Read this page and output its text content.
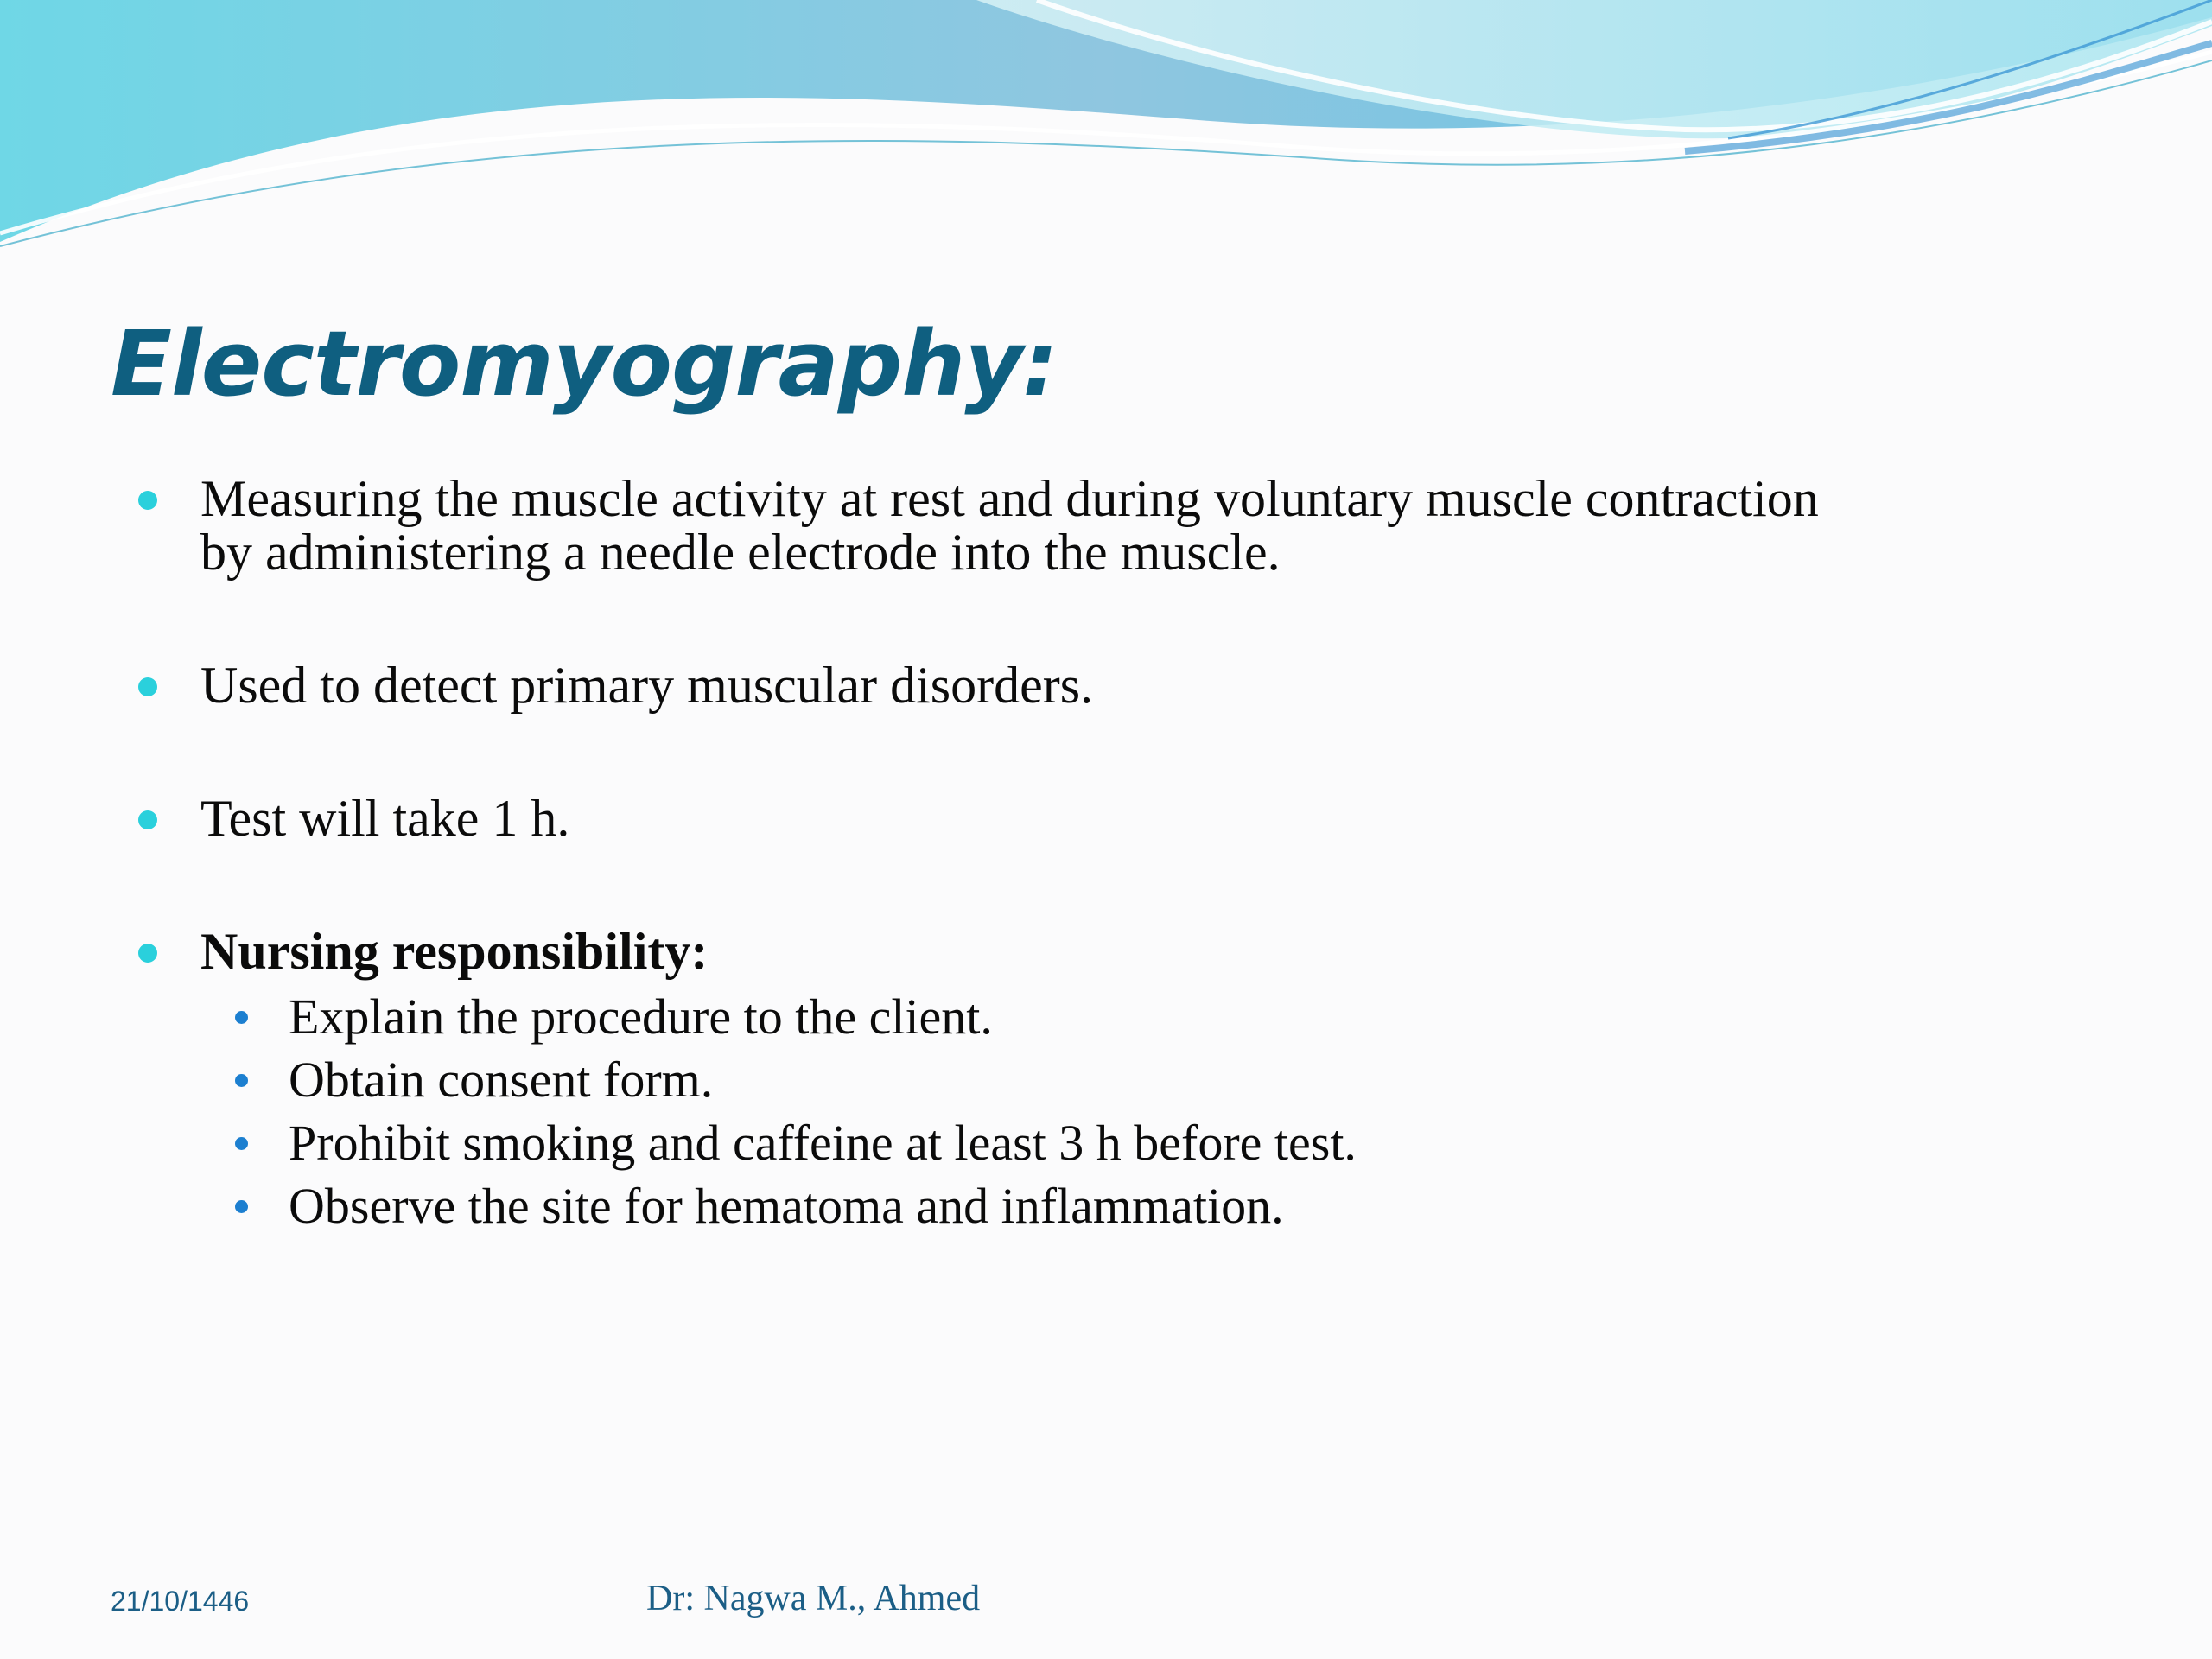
Electromyography:
Measuring the muscle activity at rest and during voluntary muscle contraction
by administering a needle electrode into the muscle.
Used to detect primary muscular disorders.
Test will take 1 h.
Nursing responsibility:
Explain the procedure to the client.
Obtain consent form.
Prohibit smoking and caffeine at least 3 h before test.
Observe the site for hematoma and inflammation.
21/10/1446	Dr: Nagwa M., Ahmed
